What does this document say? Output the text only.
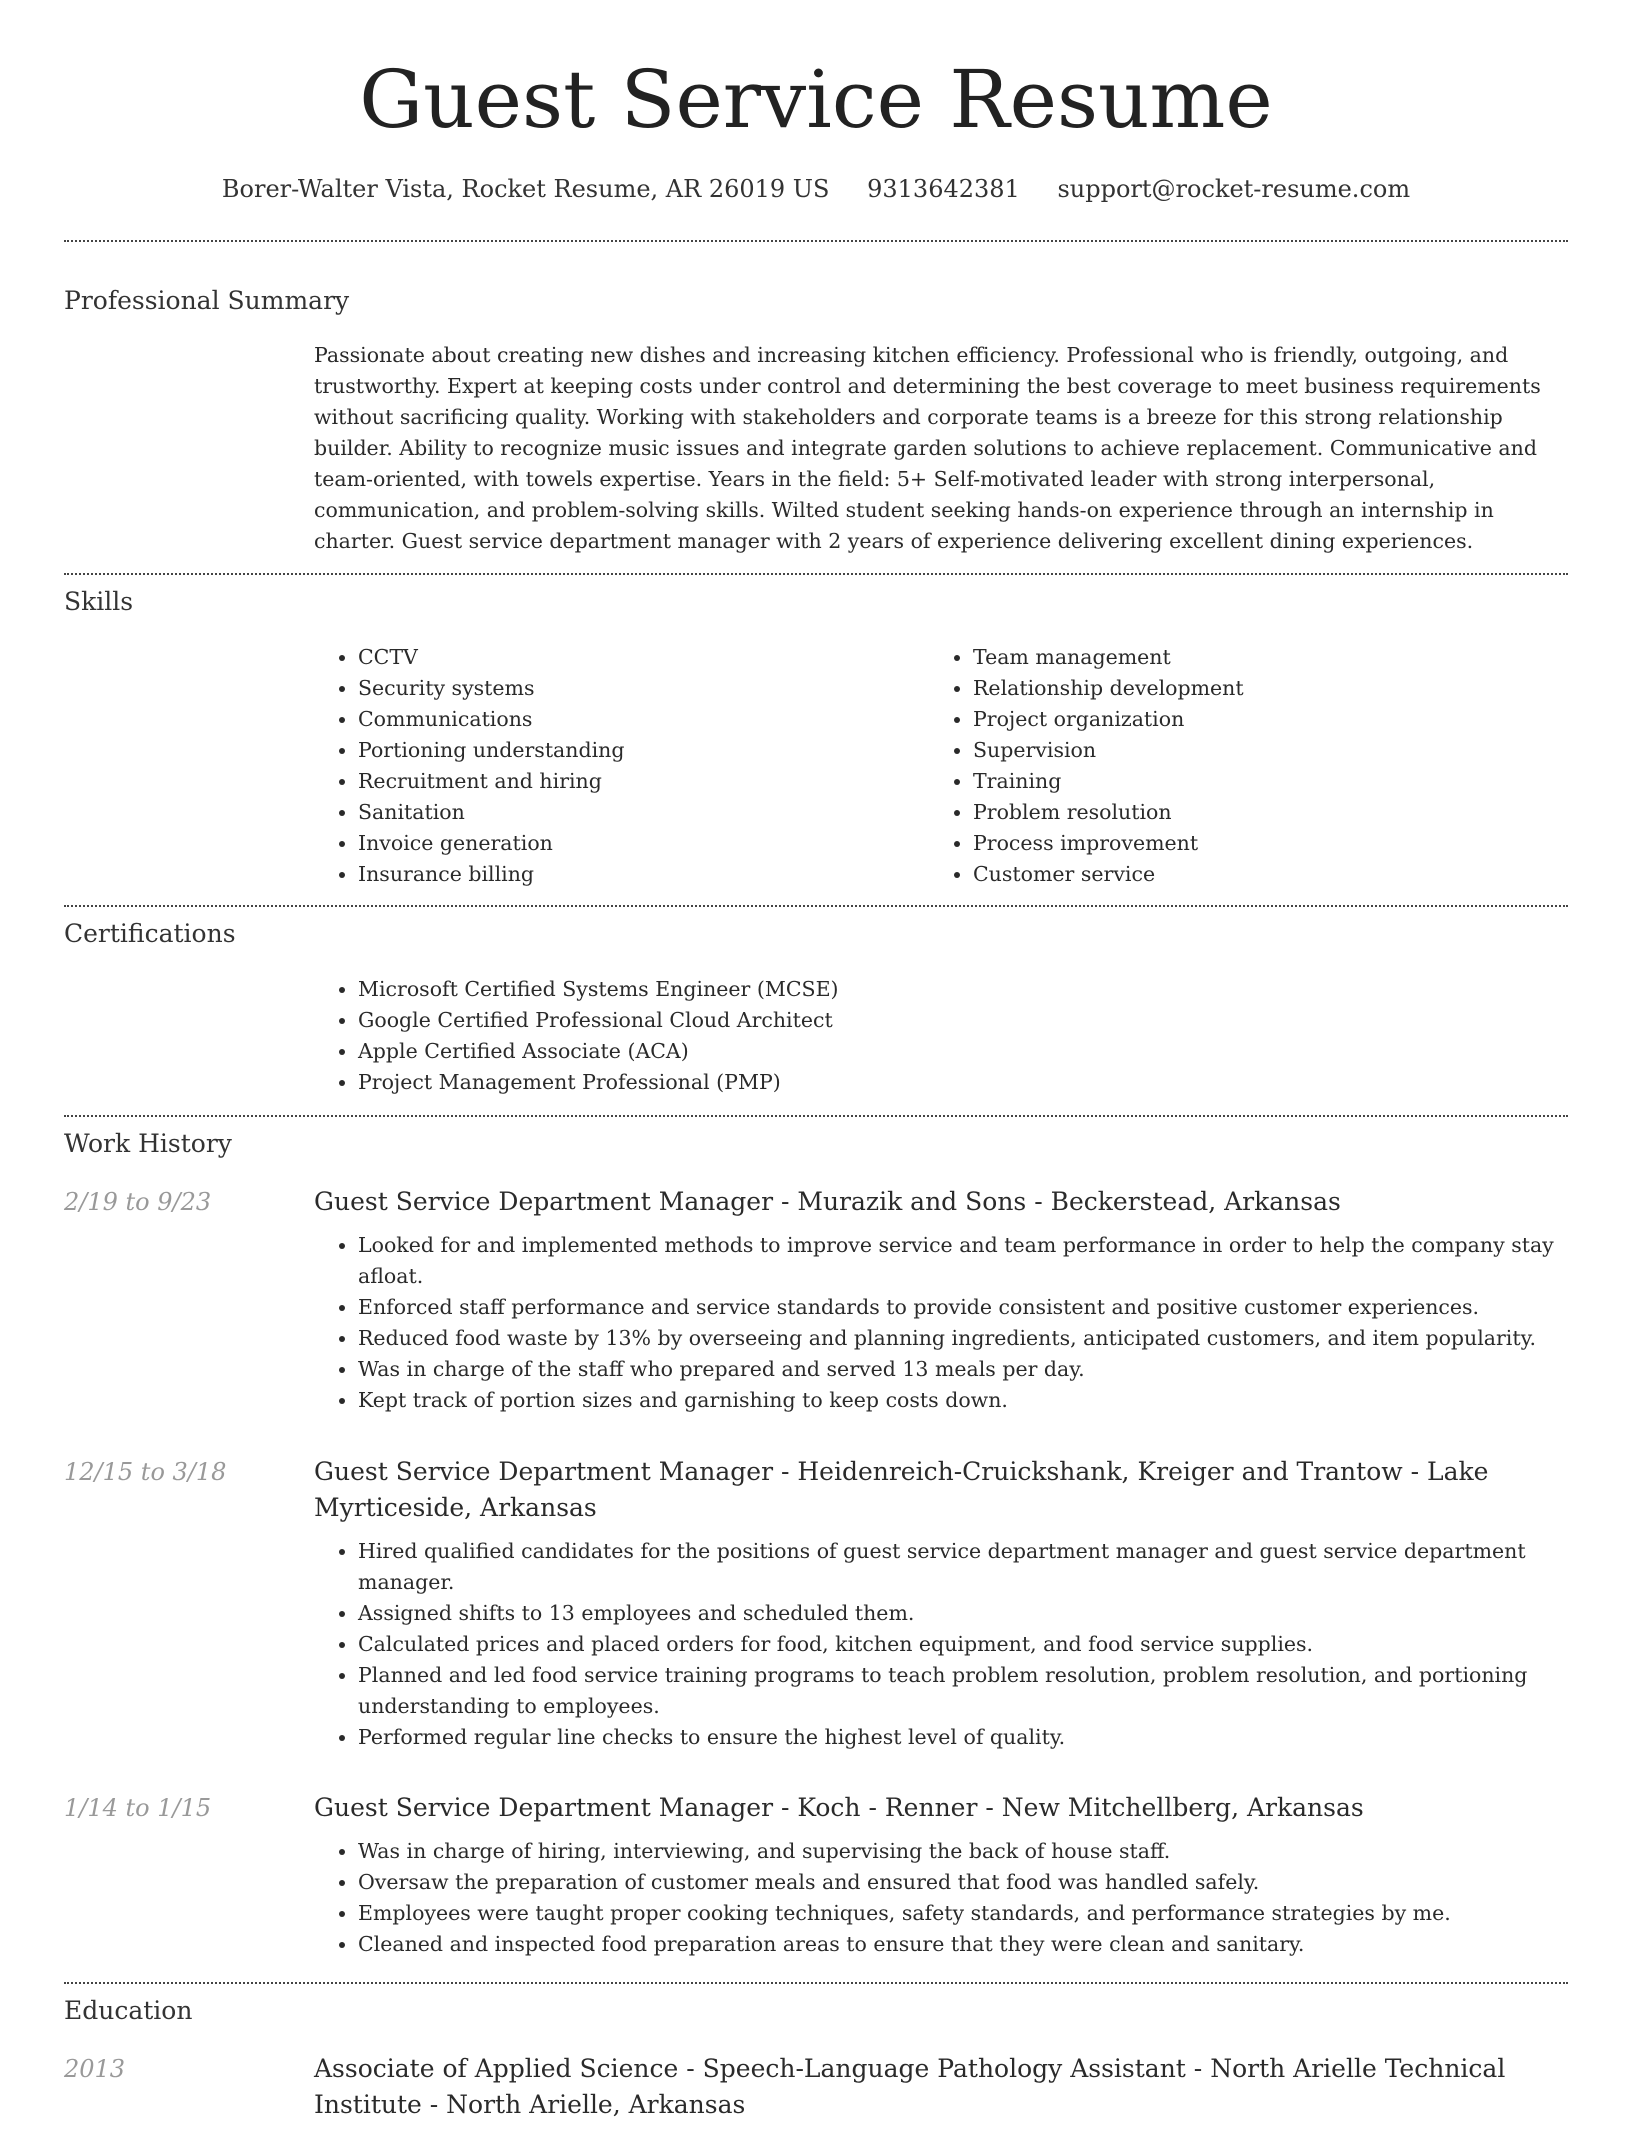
Guest Service Resume
Borer-Walter Vista, Rocket Resume, AR 26019 US 9313642381 support@rocket-resume.com
Professional Summary

Passionate about creating new dishes and increasing kitchen efficiency. Professional who is friendly, outgoing, and trustworthy. Expert at keeping costs under control and determining the best coverage to meet business requirements without sacrificing quality. Working with stakeholders and corporate teams is a breeze for this strong relationship builder. Ability to recognize music issues and integrate garden solutions to achieve replacement. Communicative and team-oriented, with towels expertise. Years in the field: 5+ Self-motivated leader with strong interpersonal, communication, and problem-solving skills. Wilted student seeking hands-on experience through an internship in charter. Guest service department manager with 2 years of experience delivering excellent dining experiences.

Skills
• CCTV
• Security systems
• Communications
• Portioning understanding
• Recruitment and hiring
• Sanitation
• Invoice generation
• Insurance billing
• Team management
• Relationship development
• Project organization
• Supervision
• Training
• Problem resolution
• Process improvement
• Customer service
Certifications
• Microsoft Certified Systems Engineer (MCSE)
• Google Certified Professional Cloud Architect
• Apple Certified Associate (ACA)
• Project Management Professional (PMP)
Work History
2/19 to 9/23	Guest Service Department Manager - Murazik and Sons - Beckerstead, Arkansas
• Looked for and implemented methods to improve service and team performance in order to help the company stay afloat.
• Enforced staff performance and service standards to provide consistent and positive customer experiences.
• Reduced food waste by 13% by overseeing and planning ingredients, anticipated customers, and item popularity.
• Was in charge of the staff who prepared and served 13 meals per day.
• Kept track of portion sizes and garnishing to keep costs down.
12/15 to 3/18	Guest Service Department Manager - Heidenreich-Cruickshank, Kreiger and Trantow - Lake Myrticeside, Arkansas
• Hired qualified candidates for the positions of guest service department manager and guest service department manager.
• Assigned shifts to 13 employees and scheduled them.
• Calculated prices and placed orders for food, kitchen equipment, and food service supplies.
• Planned and led food service training programs to teach problem resolution, problem resolution, and portioning understanding to employees.
• Performed regular line checks to ensure the highest level of quality.
1/14 to 1/15	Guest Service Department Manager - Koch - Renner - New Mitchellberg, Arkansas
• Was in charge of hiring, interviewing, and supervising the back of house staff.
• Oversaw the preparation of customer meals and ensured that food was handled safely.
• Employees were taught proper cooking techniques, safety standards, and performance strategies by me.
• Cleaned and inspected food preparation areas to ensure that they were clean and sanitary.
Education
2013	Associate of Applied Science - Speech-Language Pathology Assistant - North Arielle Technical Institute - North Arielle, Arkansas
